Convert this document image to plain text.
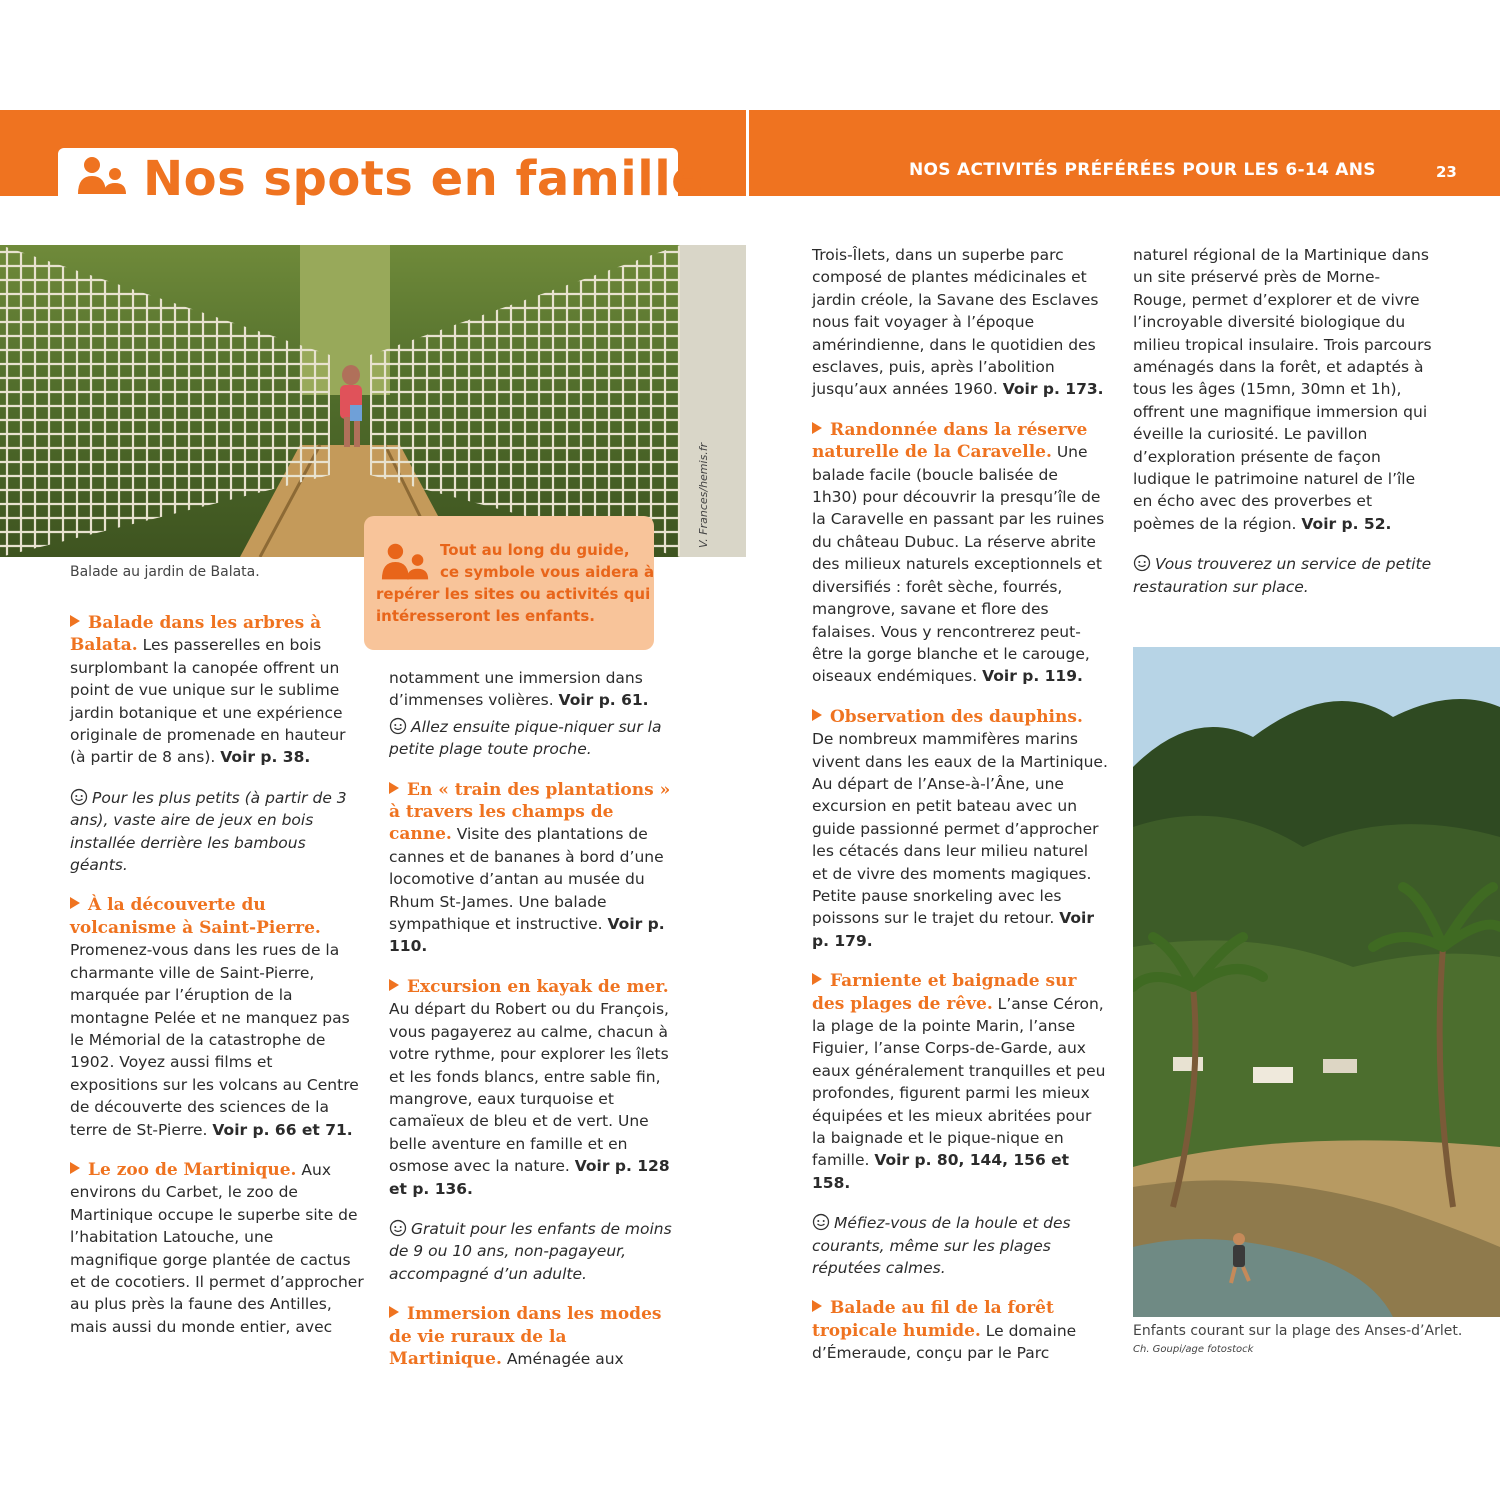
Nos spots en famille	NOS ACTIVITÉS PRÉFÉRÉES POUR LES 6-14 ANS	23
V. Frances/hemis.fr
Balade au jardin de Balata.
Tout au long du guide,
ce symbole vous aidera à
repérer les sites ou activités qui
intéresseront les enfants.

Balade dans les arbres à Balata. Les passerelles en bois surplombant la canopée offrent un point de vue unique sur le sublime jardin botanique et une expérience originale de promenade en hauteur (à partir de 8 ans). Voir p. 38.

Pour les plus petits (à partir de 3 ans), vaste aire de jeux en bois installée derrière les bambous géants.

À la découverte du volcanisme à Saint-Pierre. Promenez-vous dans les rues de la charmante ville de Saint-Pierre, marquée par l’éruption de la montagne Pelée et ne manquez pas le Mémorial de la catastrophe de 1902. Voyez aussi films et expositions sur les volcans au Centre de découverte des sciences de la terre de St-Pierre. Voir p. 66 et 71.

Le zoo de Martinique. Aux environs du Carbet, le zoo de Martinique occupe le superbe site de l’habitation Latouche, une magnifique gorge plantée de cactus et de cocotiers. Il permet d’approcher au plus près la faune des Antilles, mais aussi du monde entier, avec

notamment une immersion dans d’immenses volières. Voir p. 61.

Allez ensuite pique-niquer sur la petite plage toute proche.

En « train des plantations » à travers les champs de canne. Visite des plantations de cannes et de bananes à bord d’une locomotive d’antan au musée du Rhum St-James. Une balade sympathique et instructive. Voir p. 110.

Excursion en kayak de mer. Au départ du Robert ou du François, vous pagayerez au calme, chacun à votre rythme, pour explorer les îlets et les fonds blancs, entre sable fin, mangrove, eaux turquoise et camaïeux de bleu et de vert. Une belle aventure en famille et en osmose avec la nature. Voir p. 128 et p. 136.

Gratuit pour les enfants de moins de 9 ou 10 ans, non-pagayeur, accompagné d’un adulte.

Immersion dans les modes de vie ruraux de la Martinique. Aménagée aux

Trois-Îlets, dans un superbe parc composé de plantes médicinales et jardin créole, la Savane des Esclaves nous fait voyager à l’époque amérindienne, dans le quotidien des esclaves, puis, après l’abolition jusqu’aux années 1960. Voir p. 173.

Randonnée dans la réserve naturelle de la Caravelle. Une balade facile (boucle balisée de 1h30) pour découvrir la presqu’île de la Caravelle en passant par les ruines du château Dubuc. La réserve abrite des milieux naturels exceptionnels et diversifiés : forêt sèche, fourrés, mangrove, savane et flore des falaises. Vous y rencontrerez peut-être la gorge blanche et le carouge, oiseaux endémiques. Voir p. 119.

Observation des dauphins. De nombreux mammifères marins vivent dans les eaux de la Martinique. Au départ de l’Anse-à-l’Âne, une excursion en petit bateau avec un guide passionné permet d’approcher les cétacés dans leur milieu naturel et de vivre des moments magiques. Petite pause snorkeling avec les poissons sur le trajet du retour. Voir p. 179.

Farniente et baignade sur des plages de rêve. L’anse Céron, la plage de la pointe Marin, l’anse Figuier, l’anse Corps-de-Garde, aux eaux généralement tranquilles et peu profondes, figurent parmi les mieux équipées et les mieux abritées pour la baignade et le pique-nique en famille. Voir p. 80, 144, 156 et 158.

Méfiez-vous de la houle et des courants, même sur les plages réputées calmes.

Balade au fil de la forêt tropicale humide. Le domaine d’Émeraude, conçu par le Parc

naturel régional de la Martinique dans un site préservé près de Morne-Rouge, permet d’explorer et de vivre l’incroyable diversité biologique du milieu tropical insulaire. Trois parcours aménagés dans la forêt, et adaptés à tous les âges (15mn, 30mn et 1h), offrent une magnifique immersion qui éveille la curiosité. Le pavillon d’exploration présente de façon ludique le patrimoine naturel de l’île en écho avec des proverbes et poèmes de la région. Voir p. 52.

Vous trouverez un service de petite restauration sur place.

Enfants courant sur la plage des Anses-d’Arlet.
Ch. Goupi/age fotostock
